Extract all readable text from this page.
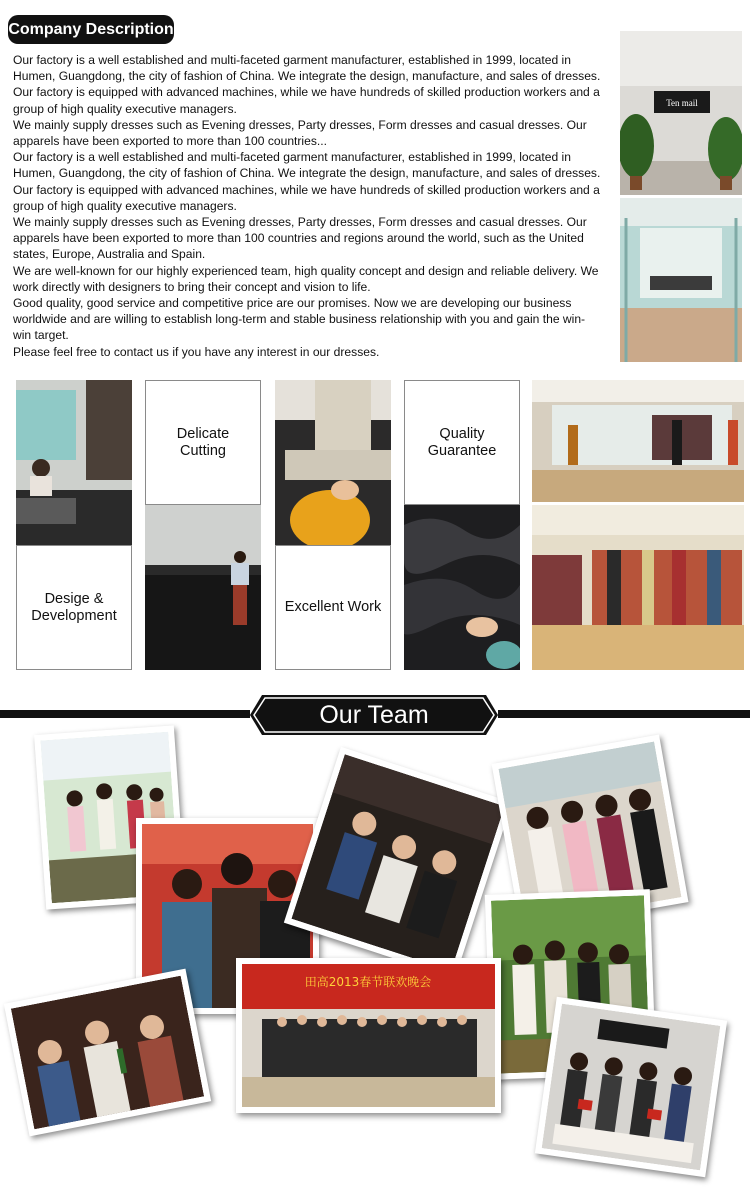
Company Description

Our factory is a well established and multi-faceted garment manufacturer, established in 1999, located in Humen, Guangdong, the city of fashion of China. We integrate the design, manufacture, and sales of dresses.

Our factory is equipped with advanced machines, while we have hundreds of skilled production workers and a group of high quality executive managers.

We mainly supply dresses such as Evening dresses, Party dresses, Form dresses and casual dresses. Our apparels have been exported to more than 100 countries...

Our factory is a well established and multi-faceted garment manufacturer, established in 1999, located in Humen, Guangdong, the city of fashion of China. We integrate the design, manufacture, and sales of dresses.

Our factory is equipped with advanced machines, while we have hundreds of skilled production workers and a group of high quality executive managers.

We mainly supply dresses such as Evening dresses, Party dresses, Form dresses and casual dresses. Our apparels have been exported to more than 100 countries and regions around the world, such as the United states, Europe, Australia and Spain.

We are well-known for our highly experienced team, high quality concept and design and reliable delivery. We work directly with designers to bring their concept and vision to life.

Good quality, good service and competitive price are our promises. Now we are developing our business worldwide and are willing to establish long-term and stable business relationship with you and gain the win-win target.

Please feel free to contact us if you have any interest in our dresses.

Ten mail
Delicate Cutting
Quality
Guarantee
Desige &
Development
Excellent Work
Our Team
田高2013春节联欢晚会
